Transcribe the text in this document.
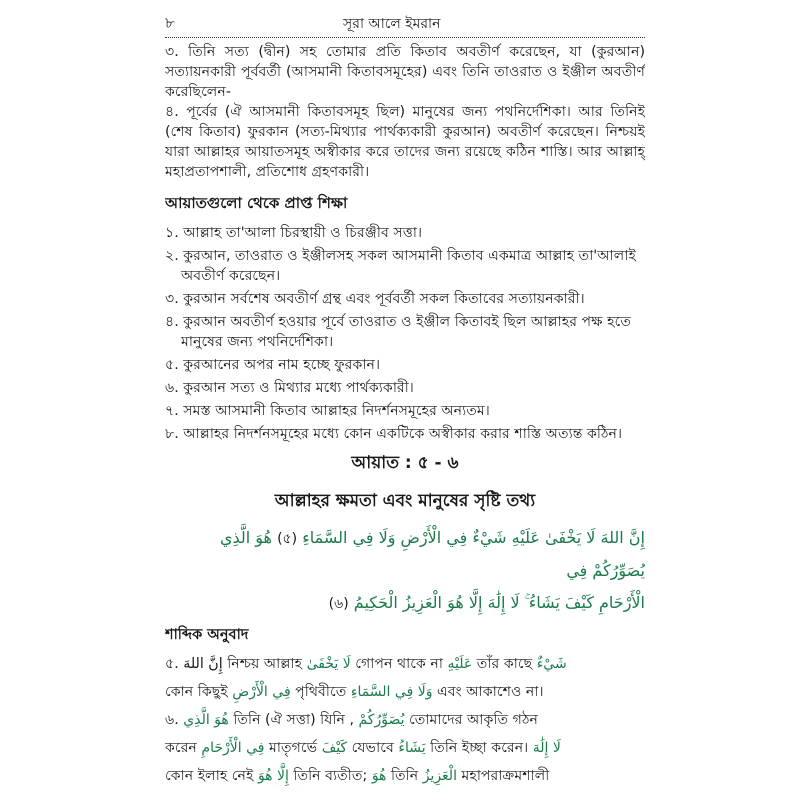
৮	সূরা আলে ইমরান

৩. তিনি সত্য (দ্বীন) সহ তোমার প্রতি কিতাব অবতীর্ণ করেছেন, যা (কুরআন) সত্যায়নকারী পূর্ববর্তী (আসমানী কিতাবসমূহের) এবং তিনি তাওরাত ও ইঞ্জীল অবতীর্ণ করেছিলেন-

৪. পূর্বের (ঐ আসমানী কিতাবসমূহ ছিল) মানুষের জন্য পথনির্দেশিকা। আর তিনিই (শেষ কিতাব) ফুরকান (সত্য-মিথ্যার পার্থক্যকারী কুরআন) অবতীর্ণ করেছেন। নিশ্চয়ই যারা আল্লাহর আয়াতসমূহ অস্বীকার করে তাদের জন্য রয়েছে কঠিন শাস্তি। আর আল্লাহ্ মহাপ্রতাপশালী, প্রতিশোধ গ্রহণকারী।

আয়াতগুলো থেকে প্রাপ্ত শিক্ষা
১. আল্লাহ তা'আলা চিরস্থায়ী ও চিরঞ্জীব সত্তা।
২. কুরআন, তাওরাত ও ইঞ্জীলসহ সকল আসমানী কিতাব একমাত্র আল্লাহ তা'আলাই অবতীর্ণ করেছেন।
৩. কুরআন সর্বশেষ অবতীর্ণ গ্রন্থ এবং পূর্ববর্তী সকল কিতাবের সত্যায়নকারী।
৪. কুরআন অবতীর্ণ হওয়ার পূর্বে তাওরাত ও ইঞ্জীল কিতাবই ছিল আল্লাহর পক্ষ হতে মানুষের জন্য পথনির্দেশিকা।
৫. কুরআনের অপর নাম হচ্ছে ফুরকান।
৬. কুরআন সত্য ও মিথ্যার মধ্যে পার্থক্যকারী।
৭. সমস্ত আসমানী কিতাব আল্লাহর নিদর্শনসমূহের অন্যতম।
৮. আল্লাহর নিদর্শনসমূহের মধ্যে কোন একটিকে অস্বীকার করার শাস্তি অত্যন্ত কঠিন।
আয়াত : ৫ - ৬
আল্লাহর ক্ষমতা এবং মানুষের সৃষ্টি তথ্য
إِنَّ اللهَ لَا يَخْفَىٰ عَلَيْهِ شَيْءٌ فِي الْأَرْضِ وَلَا فِي السَّمَاءِ (৫) هُوَ الَّذِي يُصَوِّرُكُمْ فِي
الْأَرْحَامِ كَيْفَ يَشَاءُ ۚ لَا إِلَٰهَ إِلَّا هُوَ الْعَزِيزُ الْحَكِيمُ (৬)
শাব্দিক অনুবাদ

৫. إِنَّ اللهَ নিশ্চয় আল্লাহ لَا يَخْفَىٰ গোপন থাকে না عَلَيْهِ তাঁর কাছে شَيْءٌ

কোন কিছুই فِي الْأَرْضِ পৃথিবীতে وَلَا فِي السَّمَاءِ এবং আকাশেও না।

৬. هُوَ الَّذِي তিনি (ঐ সত্তা) যিনি , يُصَوِّرُكُمْ তোমাদের আকৃতি গঠন

করেন فِي الْأَرْحَامِ মাতৃগর্ভে كَيْفَ যেভাবে يَشَاءُ তিনি ইচ্ছা করেন। لَا إِلَٰهَ

কোন ইলাহ নেই إِلَّا هُوَ তিনি ব্যতীত; هُوَ তিনি الْعَزِيزُ মহাপরাক্রমশালী
